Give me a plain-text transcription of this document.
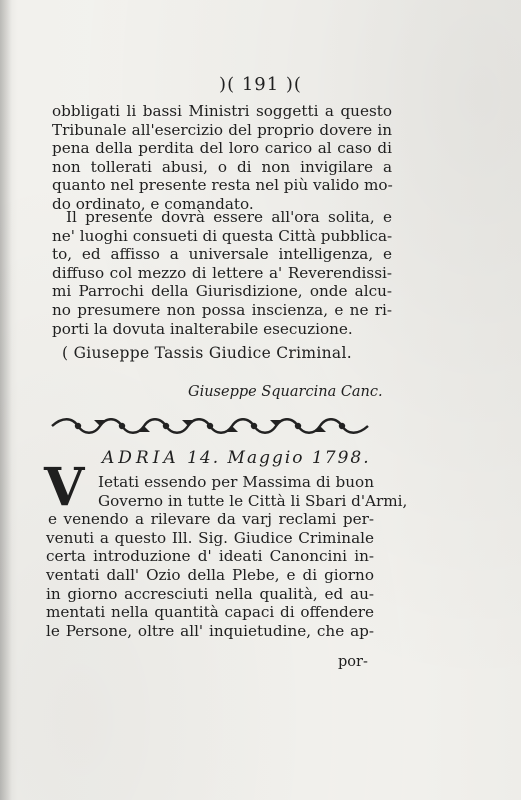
)( 191 )(
obbligati li bassi Ministri soggetti a questo
Tribunale all'esercizio del proprio dovere in
pena della perdita del loro carico al caso di
non tollerati abusi, o di non invigilare a
quanto nel presente resta nel più valido mo-
do ordinato, e comandato.
Il presente dovrà essere all'ora solita, e
ne' luoghi consueti di questa Città pubblica-
to, ed affisso a universale intelligenza, e
diffuso col mezzo di lettere a' Reverendissi-
mi Parrochi della Giurisdizione, onde alcu-
no presumere non possa inscienza, e ne ri-
porti la dovuta inalterabile esecuzione.
( Giuseppe Tassis Giudice Criminal.
Giuseppe Squarcina Canc.
ADRIA 14. Maggio 1798.
V Ietati essendo per Massima di buon
Governo in tutte le Città li Sbari d'Armi,
e venendo a rilevare da varj reclami per-
venuti a questo Ill. Sig. Giudice Criminale
certa introduzione d' ideati Canoncini in-
ventati dall' Ozio della Plebe, e di giorno
in giorno accresciuti nella qualità, ed au-
mentati nella quantità capaci di offendere
le Persone, oltre all' inquietudine, che ap-
por-
